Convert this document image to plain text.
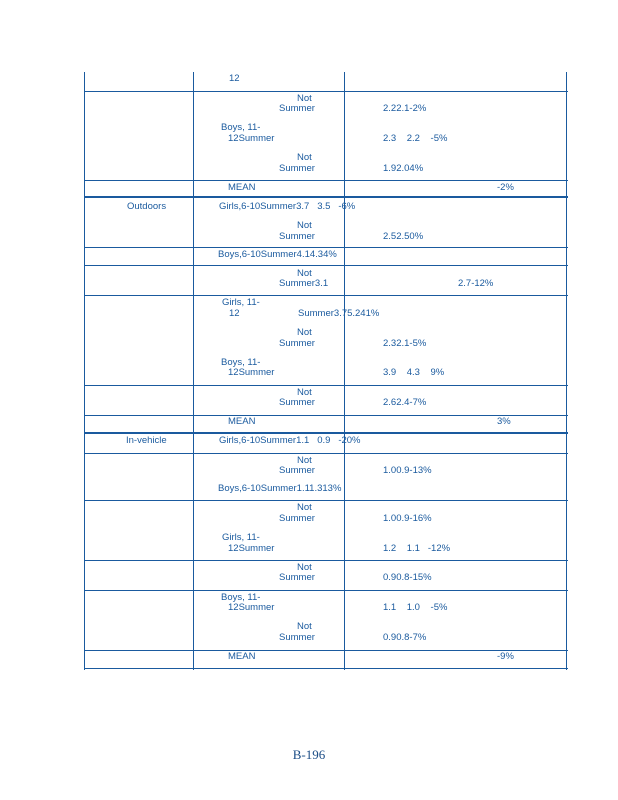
12
Not
Summer	2.22.1-2%
Boys, 11-
12Summer	2.3    2.2    -5%
Not
Summer	1.92.04%
MEAN	-2%
Outdoors	Girls,6-10Summer3.7   3.5   -6%
Not
Summer	2.52.50%
Boys,6-10Summer4.14.34%
Not
Summer3.1	2.7-12%
Girls, 11-
12	Summer3.75.241%
Not
Summer	2.32.1-5%
Boys, 11-
12Summer	3.9    4.3    9%
Not
Summer	2.62.4-7%
MEAN	3%
In-vehicle	Girls,6-10Summer1.1   0.9   -20%
Not
Summer	1.00.9-13%
Boys,6-10Summer1.11.313%
Not
Summer	1.00.9-16%
Girls, 11-
12Summer	1.2    1.1   -12%
Not
Summer	0.90.8-15%
Boys, 11-
12Summer	1.1    1.0    -5%
Not
Summer	0.90.8-7%
MEAN	-9%
B-196
